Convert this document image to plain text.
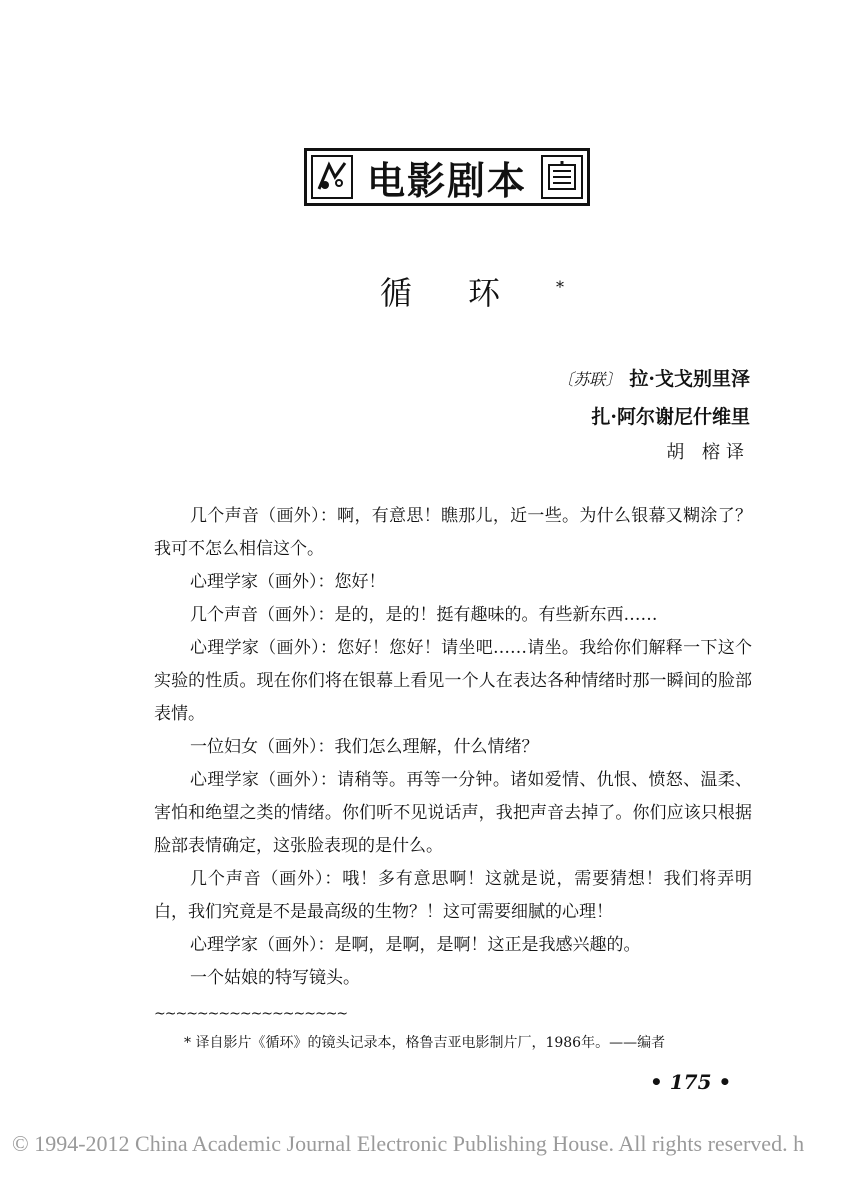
电影剧本
循环*
〔苏联〕 拉·戈戈别里泽
扎·阿尔谢尼什维里
胡 榕译

几个声音（画外）：啊，有意思！瞧那儿，近一些。为什么银幕又糊涂了？我可不怎么相信这个。

心理学家（画外）：您好！

几个声音（画外）：是的，是的！挺有趣味的。有些新东西……

心理学家（画外）：您好！您好！请坐吧……请坐。我给你们解释一下这个实验的性质。现在你们将在银幕上看见一个人在表达各种情绪时那一瞬间的脸部表情。

一位妇女（画外）：我们怎么理解，什么情绪？

心理学家（画外）：请稍等。再等一分钟。诸如爱情、仇恨、愤怒、温柔、害怕和绝望之类的情绪。你们听不见说话声，我把声音去掉了。你们应该只根据脸部表情确定，这张脸表现的是什么。

几个声音（画外）：哦！多有意思啊！这就是说，需要猜想！我们将弄明白，我们究竟是不是最高级的生物？！这可需要细腻的心理！

心理学家（画外）：是啊，是啊，是啊！这正是我感兴趣的。

一个姑娘的特写镜头。

~~~~~~~~~~~~~~~~~~
* 译自影片《循环》的镜头记录本，格鲁吉亚电影制片厂，1986年。——编者
• 175 •
© 1994-2012 China Academic Journal Electronic Publishing House. All rights reserved. h
